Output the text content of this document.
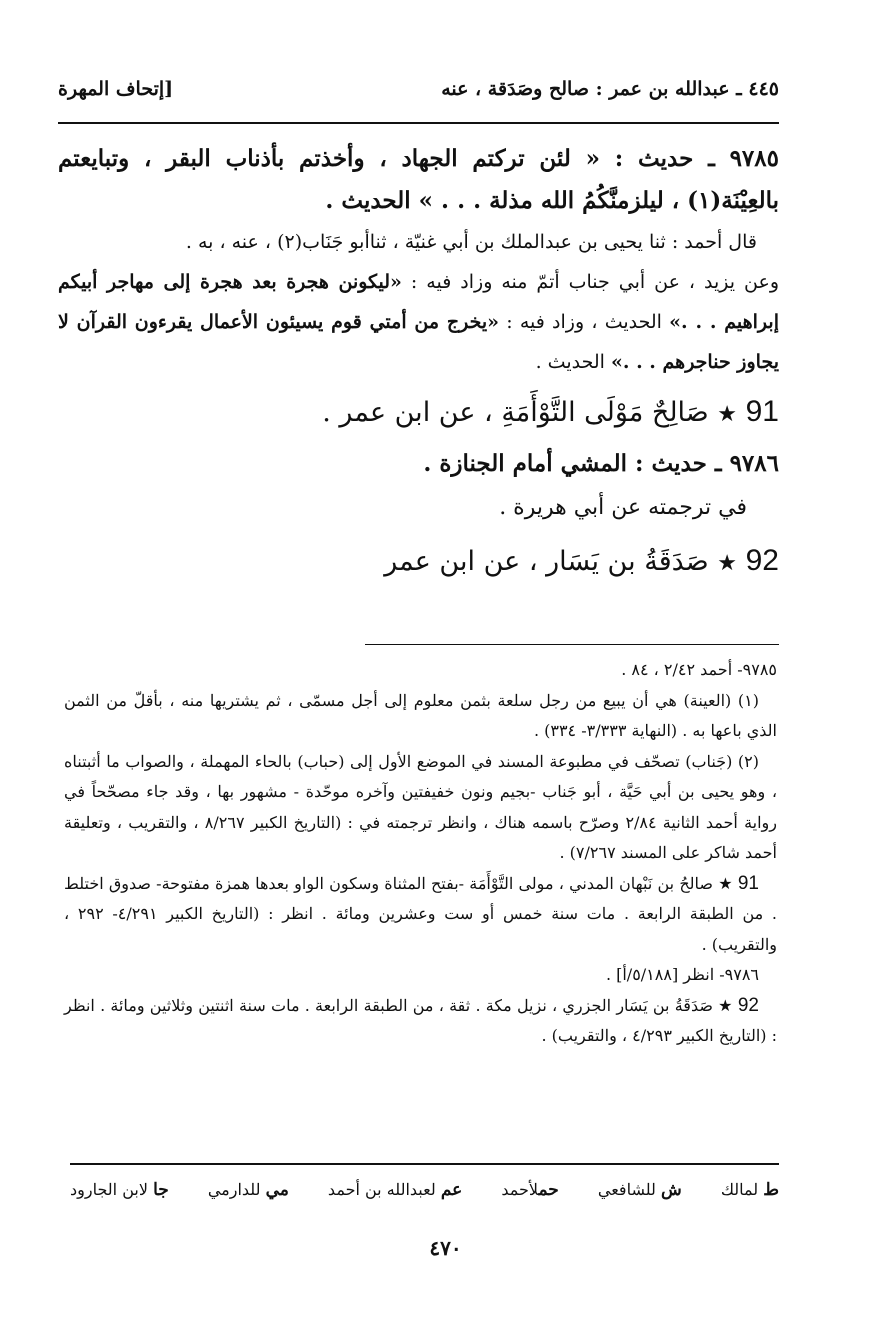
٤٤٥ ـ عبدالله بن عمر : صالح وصَدَقة ، عنه
[إتحاف المهرة

٩٧٨٥ ـ حديث : « لئن تركتم الجهاد ، وأخذتم بأذناب البقر ، وتبايعتم بالعِيْنَة(١) ، ليلزمنَّكُمُ الله مذلة . . . » الحديث .

قال أحمد : ثنا يحيى بن عبدالملك بن أبي غنيّة ، ثناأبو جَنَاب(٢) ، عنه ، به .

وعن يزيد ، عن أبي جناب أتمّ منه وزاد فيه : «ليكونن هجرة بعد هجرة إلى مهاجر أبيكم إبراهيم . . .» الحديث ، وزاد فيه : «يخرج من أمتي قوم يسيئون الأعمال يقرءون القرآن لا يجاوز حناجرهم . . .» الحديث .

91 ★ صَالِحٌ مَوْلَى التَّوْأَمَةِ ، عن ابن عمر .

٩٧٨٦ ـ حديث : المشي أمام الجنازة .

في ترجمته عن أبي هريرة .

92 ★ صَدَقَةُ بن يَسَار ، عن ابن عمر

٩٧٨٥- أحمد ٢/٤٢ ، ٨٤ .

(١) (العينة) هي أن يبيع من رجل سلعة بثمن معلوم إلى أجل مسمّى ، ثم يشتريها منه ، بأقلّ من الثمن الذي باعها به . (النهاية ٣/٣٣٣- ٣٣٤) .

(٢) (جَناب) تصحّف في مطبوعة المسند في الموضع الأول إلى (حباب) بالحاء المهملة ، والصواب ما أثبتناه ، وهو يحيى بن أبي حَيَّة ، أبو جَناب -بجيم ونون خفيفتين وآخره موحّدة - مشهور بها ، وقد جاء مصحّحاً في رواية أحمد الثانية ٢/٨٤ وصرّح باسمه هناك ، وانظر ترجمته في : (التاريخ الكبير ٨/٢٦٧ ، والتقريب ، وتعليقة أحمد شاكر على المسند ٧/٢٦٧) .

91 ★ صالحُ بن نَبْهان المدني ، مولى التَّوْأَمَة -بفتح المثناة وسكون الواو بعدها همزة مفتوحة- صدوق اختلط . من الطبقة الرابعة . مات سنة خمس أو ست وعشرين ومائة . انظر : (التاريخ الكبير ٤/٢٩١- ٢٩٢ ، والتقريب) .

٩٧٨٦- انظر [٥/١٨٨/أ] .

92 ★ صَدَقَةُ بن يَسَار الجزري ، نزيل مكة . ثقة ، من الطبقة الرابعة . مات سنة اثنتين وثلاثين ومائة . انظر : (التاريخ الكبير ٤/٢٩٣ ، والتقريب) .

ط لمالك
ش للشافعي
حملأحمد
عم لعبدالله بن أحمد
مي للدارمي
جا لابن الجارود
٤٧٠
